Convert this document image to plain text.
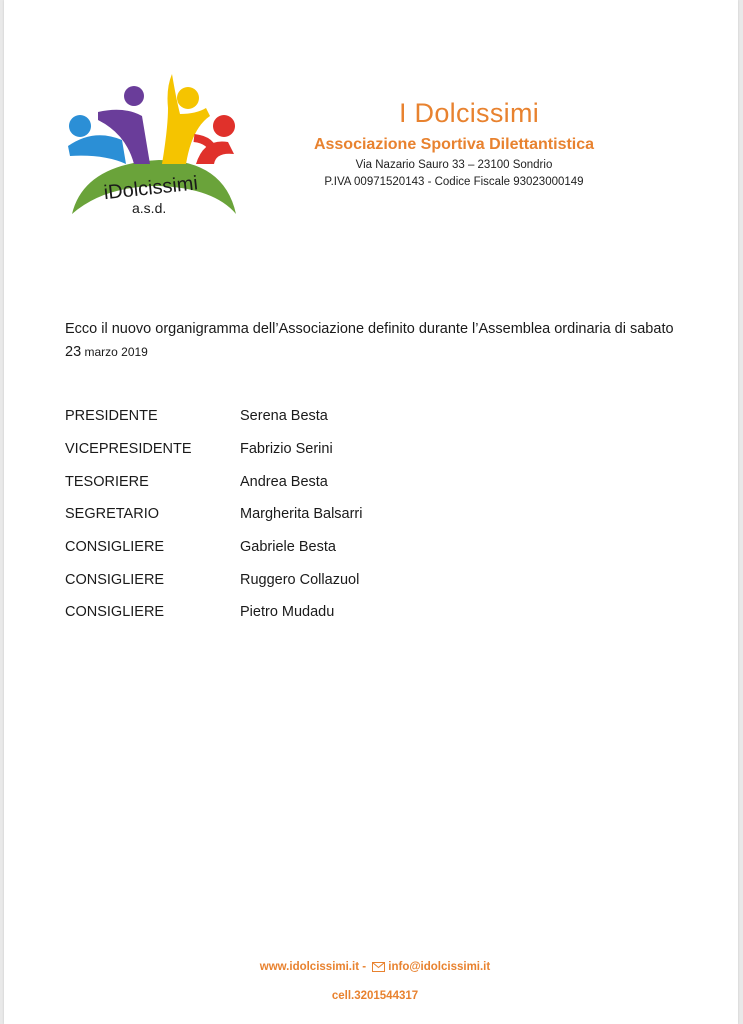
iDolcissimi
a.s.d.
I Dolcissimi
Associazione Sportiva Dilettantistica
Via Nazario Sauro 33 – 23100 Sondrio
P.IVA 00971520143 - Codice Fiscale 93023000149
Ecco il nuovo organigramma dell’Associazione definito durante l’Assemblea ordinaria di sabato 23 marzo 2019
PRESIDENTE	Serena Besta
VICEPRESIDENTE	Fabrizio Serini
TESORIERE	Andrea Besta
SEGRETARIO	Margherita Balsarri
CONSIGLIERE	Gabriele Besta
CONSIGLIERE	Ruggero Collazuol
CONSIGLIERE	Pietro Mudadu
www.idolcissimi.it - info@idolcissimi.it
cell.3201544317
